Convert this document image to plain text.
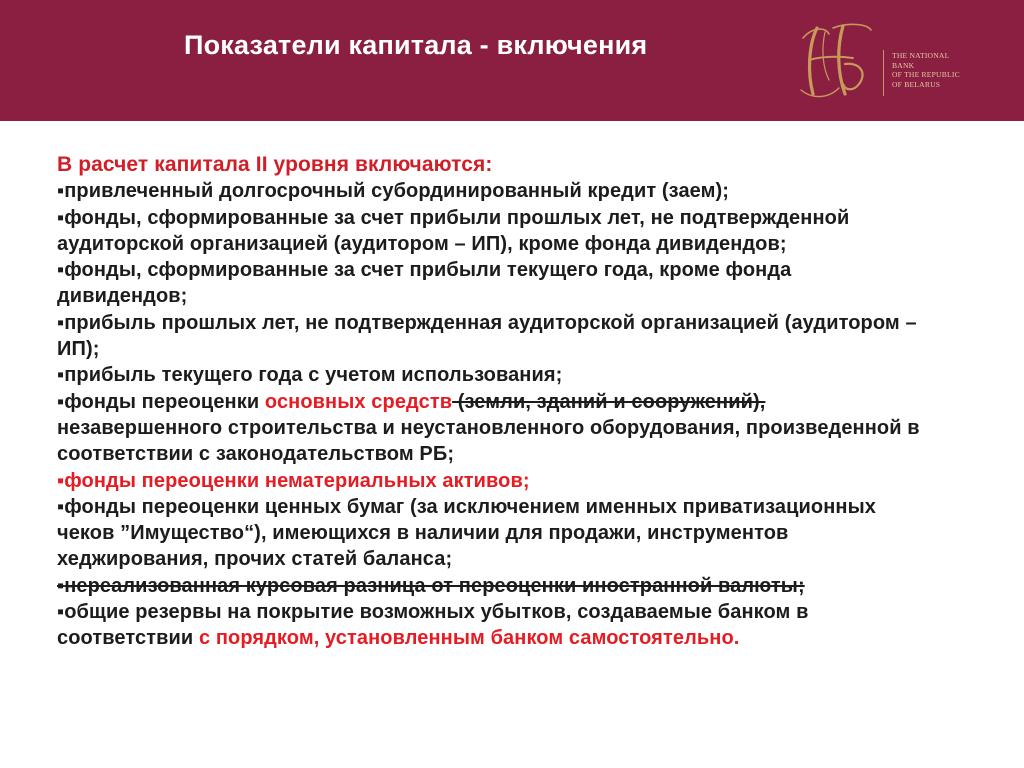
Показатели капитала - включения	THE NATIONAL
BANK
OF THE REPUBLIC
OF BELARUS
В расчет капитала II уровня включаются:
▪ привлеченный долгосрочный субординированный кредит (заем);
▪ фонды, сформированные за счет прибыли прошлых лет, не подтвержденной аудиторской организацией (аудитором – ИП), кроме фонда дивидендов;
▪ фонды, сформированные за счет прибыли текущего года, кроме фонда дивидендов;
▪ прибыль прошлых лет, не подтвержденная аудиторской организацией (аудитором – ИП);
▪ прибыль текущего года с учетом использования;
▪ фонды переоценки основных средств (земли, зданий и сооружений), незавершенного строительства и неустановленного оборудования, произведенной в соответствии с законодательством РБ;
▪ фонды переоценки нематериальных активов;
▪ фонды переоценки ценных бумаг (за исключением именных приватизационных чеков ”Имущество“), имеющихся в наличии для продажи, инструментов хеджирования, прочих статей баланса;
▪ нереализованная курсовая разница от переоценки иностранной валюты;
▪ общие резервы на покрытие возможных убытков, создаваемые банком в соответствии с порядком, установленным банком самостоятельно.
